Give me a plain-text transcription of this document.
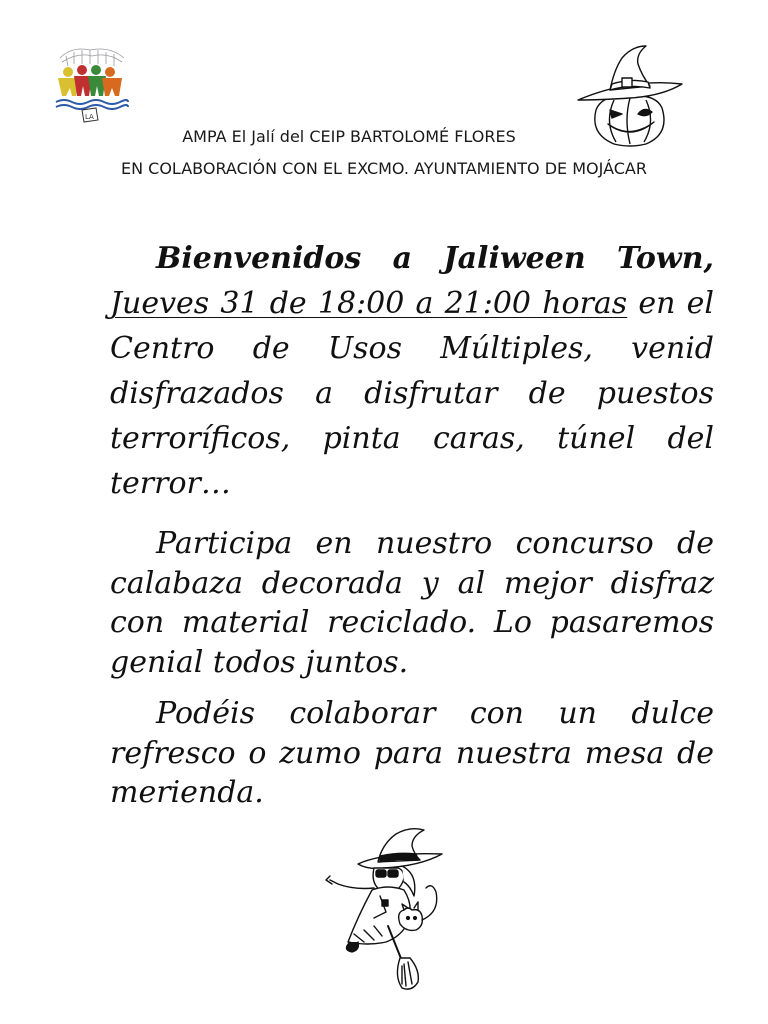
LA
AMPA El Jalí del CEIP BARTOLOMÉ FLORES
EN COLABORACIÓN CON EL EXCMO. AYUNTAMIENTO DE MOJÁCAR

Bienvenidos a Jaliween Town, Jueves 31 de 18:00 a 21:00 horas en el Centro de Usos Múltiples, venid disfrazados a disfrutar de puestos terroríficos, pinta caras, túnel del terror…

Participa en nuestro concurso de calabaza decorada y al mejor disfraz con material reciclado. Lo pasaremos genial todos juntos.

Podéis colaborar con un dulce refresco o zumo para nuestra mesa de merienda.
